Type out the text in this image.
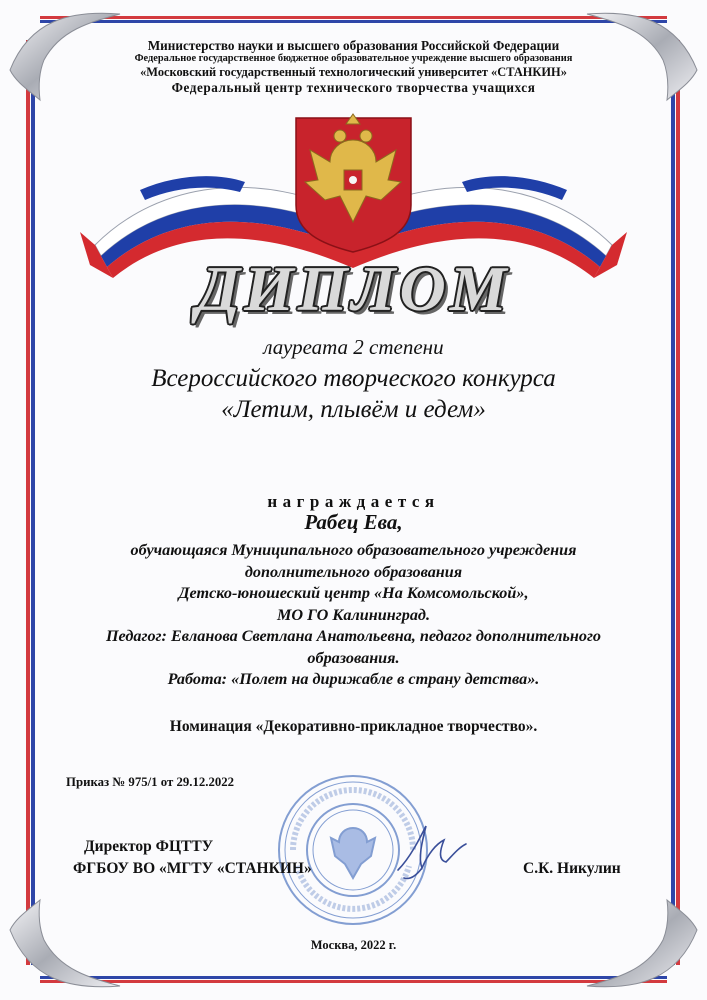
Министерство науки и высшего образования Российской Федерации
Федеральное государственное бюджетное образовательное учреждение высшего образования
«Московский государственный технологический университет «СТАНКИН»
Федеральный центр технического творчества учащихся
ДИПЛОМ
лауреата 2 степени
Всероссийского творческого конкурса
«Летим, плывём и едем»
награждается
Рабец Ева,
обучающаяся Муниципального образовательного учреждения
дополнительного образования
Детско-юношеский центр «На Комсомольской»,
МО ГО Калининград.
Педагог: Евланова Светлана Анатольевна, педагог дополнительного
образования.
Работа: «Полет на дирижабле в страну детства».
Номинация «Декоративно-прикладное творчество».
Приказ № 975/1 от 29.12.2022
Директор ФЦТТУ
ФГБОУ ВО «МГТУ «СТАНКИН»	С.К. Никулин
Москва, 2022 г.
